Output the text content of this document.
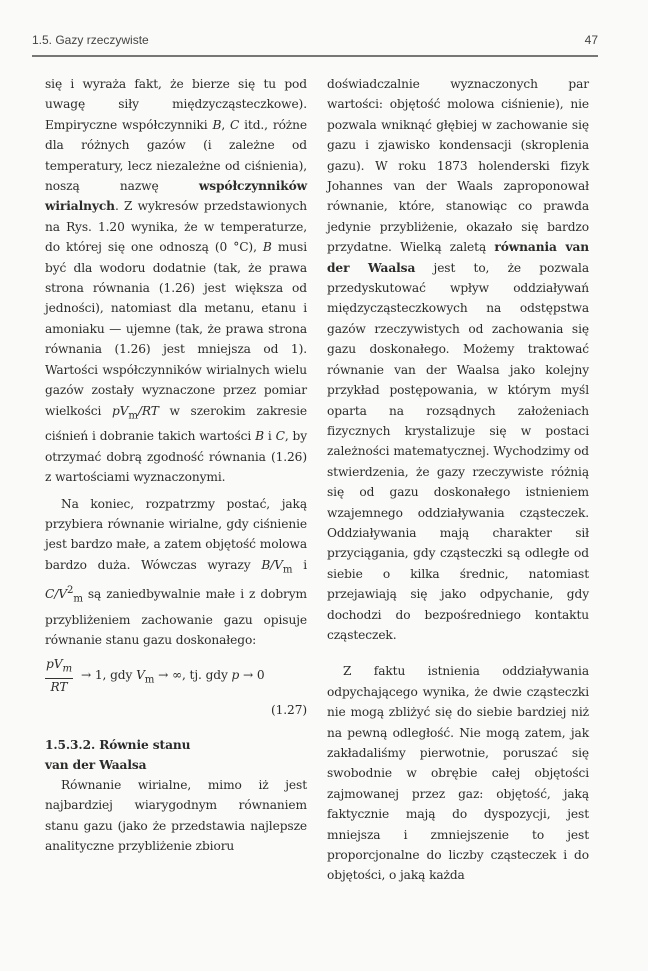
1.5. Gazy rzeczywiste	47

się i wyraża fakt, że bierze się tu pod uwagę siły międzycząsteczkowe). Empiryczne współczynniki B, C itd., różne dla różnych gazów (i zależne od temperatury, lecz niezależne od ciśnienia), noszą nazwę współczynników wirialnych. Z wykresów przedstawionych na Rys. 1.20 wynika, że w temperaturze, do której się one odnoszą (0 °C), B musi być dla wodoru dodatnie (tak, że prawa strona równania (1.26) jest większa od jedności), natomiast dla metanu, etanu i amoniaku — ujemne (tak, że prawa strona równania (1.26) jest mniejsza od 1). Wartości współczynników wirialnych wielu gazów zostały wyznaczone przez pomiar wielkości $pV_m/RT$ w szerokim zakresie ciśnień i dobranie takich wartości B i C, by otrzymać dobrą zgodność równania (1.26) z wartościami wyznaczonymi.

Na koniec, rozpatrzmy postać, jaką przybiera równanie wirialne, gdy ciśnienie jest bardzo małe, a zatem objętość molowa bardzo duża. Wówczas wyrazy $B/V_m$ i $C/V^2_m$ są zaniedbywalnie małe i z dobrym przybliżeniem zachowanie gazu opisuje równanie stanu gazu doskonałego:

$pV_m$
RT
→ 1, gdy $V_m$ → ∞, tj. gdy p → 0
(1.27)
1.5.3.2. Równie stanu
van der Waalsa

Równanie wirialne, mimo iż jest najbardziej wiarygodnym równaniem stanu gazu (jako że przedstawia najlepsze analityczne przybliżenie zbioru

doświadczalnie wyznaczonych par wartości: objętość molowa ciśnienie), nie pozwala wniknąć głębiej w zachowanie się gazu i zjawisko kondensacji (skroplenia gazu). W roku 1873 holenderski fizyk Johannes van der Waals zaproponował równanie, które, stanowiąc co prawda jedynie przybliżenie, okazało się bardzo przydatne. Wielką zaletą równania van der Waalsa jest to, że pozwala przedyskutować wpływ oddziaływań międzycząsteczkowych na odstępstwa gazów rzeczywistych od zachowania się gazu doskonałego. Możemy traktować równanie van der Waalsa jako kolejny przykład postępowania, w którym myśl oparta na rozsądnych założeniach fizycznych krystalizuje się w postaci zależności matematycznej. Wychodzimy od stwierdzenia, że gazy rzeczywiste różnią się od gazu doskonałego istnieniem wzajemnego oddziaływania cząsteczek. Oddziaływania mają charakter sił przyciągania, gdy cząsteczki są odległe od siebie o kilka średnic, natomiast przejawiają się jako odpychanie, gdy dochodzi do bezpośredniego kontaktu cząsteczek.

Z faktu istnienia oddziaływania odpychającego wynika, że dwie cząsteczki nie mogą zbliżyć się do siebie bardziej niż na pewną odległość. Nie mogą zatem, jak zakładaliśmy pierwotnie, poruszać się swobodnie w obrębie całej objętości zajmowanej przez gaz: objętość, jaką faktycznie mają do dyspozycji, jest mniejsza i zmniejszenie to jest proporcjonalne do liczby cząsteczek i do objętości, o jaką każda
